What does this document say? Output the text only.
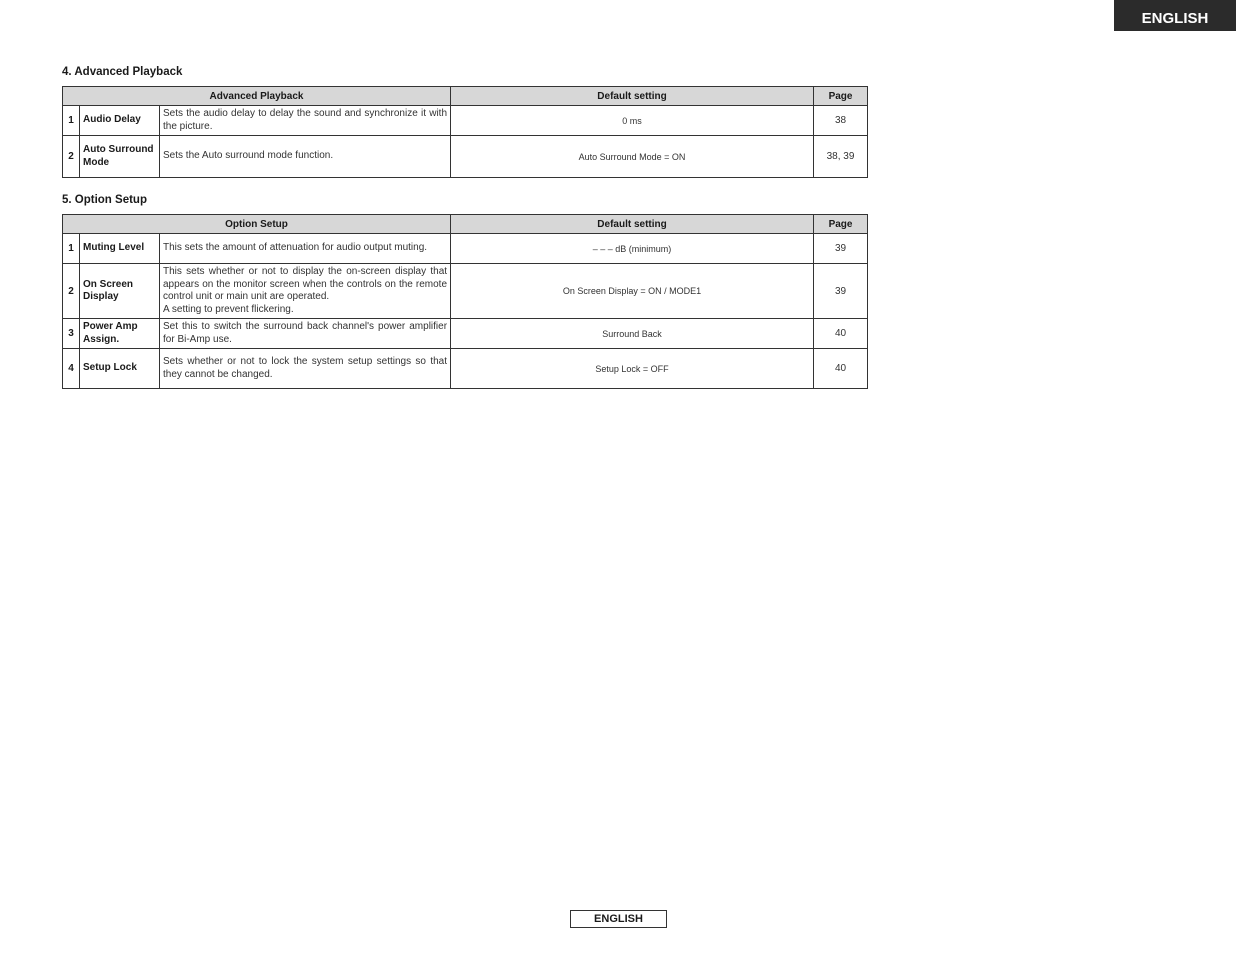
ENGLISH
4. Advanced Playback
Advanced Playback			Default setting	Page
1	Audio Delay	Sets the audio delay to delay the sound and synchronize it with the picture.	0 ms	38
2	Auto Surround Mode	Sets the Auto surround mode function.	Auto Surround Mode = ON	38, 39
5. Option Setup
Option Setup			Default setting	Page
1	Muting Level	This sets the amount of attenuation for audio output muting.	– – – dB (minimum)	39
2	On Screen Display	This sets whether or not to display the on-screen display that appears on the monitor screen when the controls on the remote control unit or main unit are operated.
A setting to prevent flickering.	On Screen Display = ON / MODE1	39
3	Power Amp Assign.	Set this to switch the surround back channel's power amplifier for Bi-Amp use.	Surround Back	40
4	Setup Lock	Sets whether or not to lock the system setup settings so that they cannot be changed.	Setup Lock = OFF	40
ENGLISH
